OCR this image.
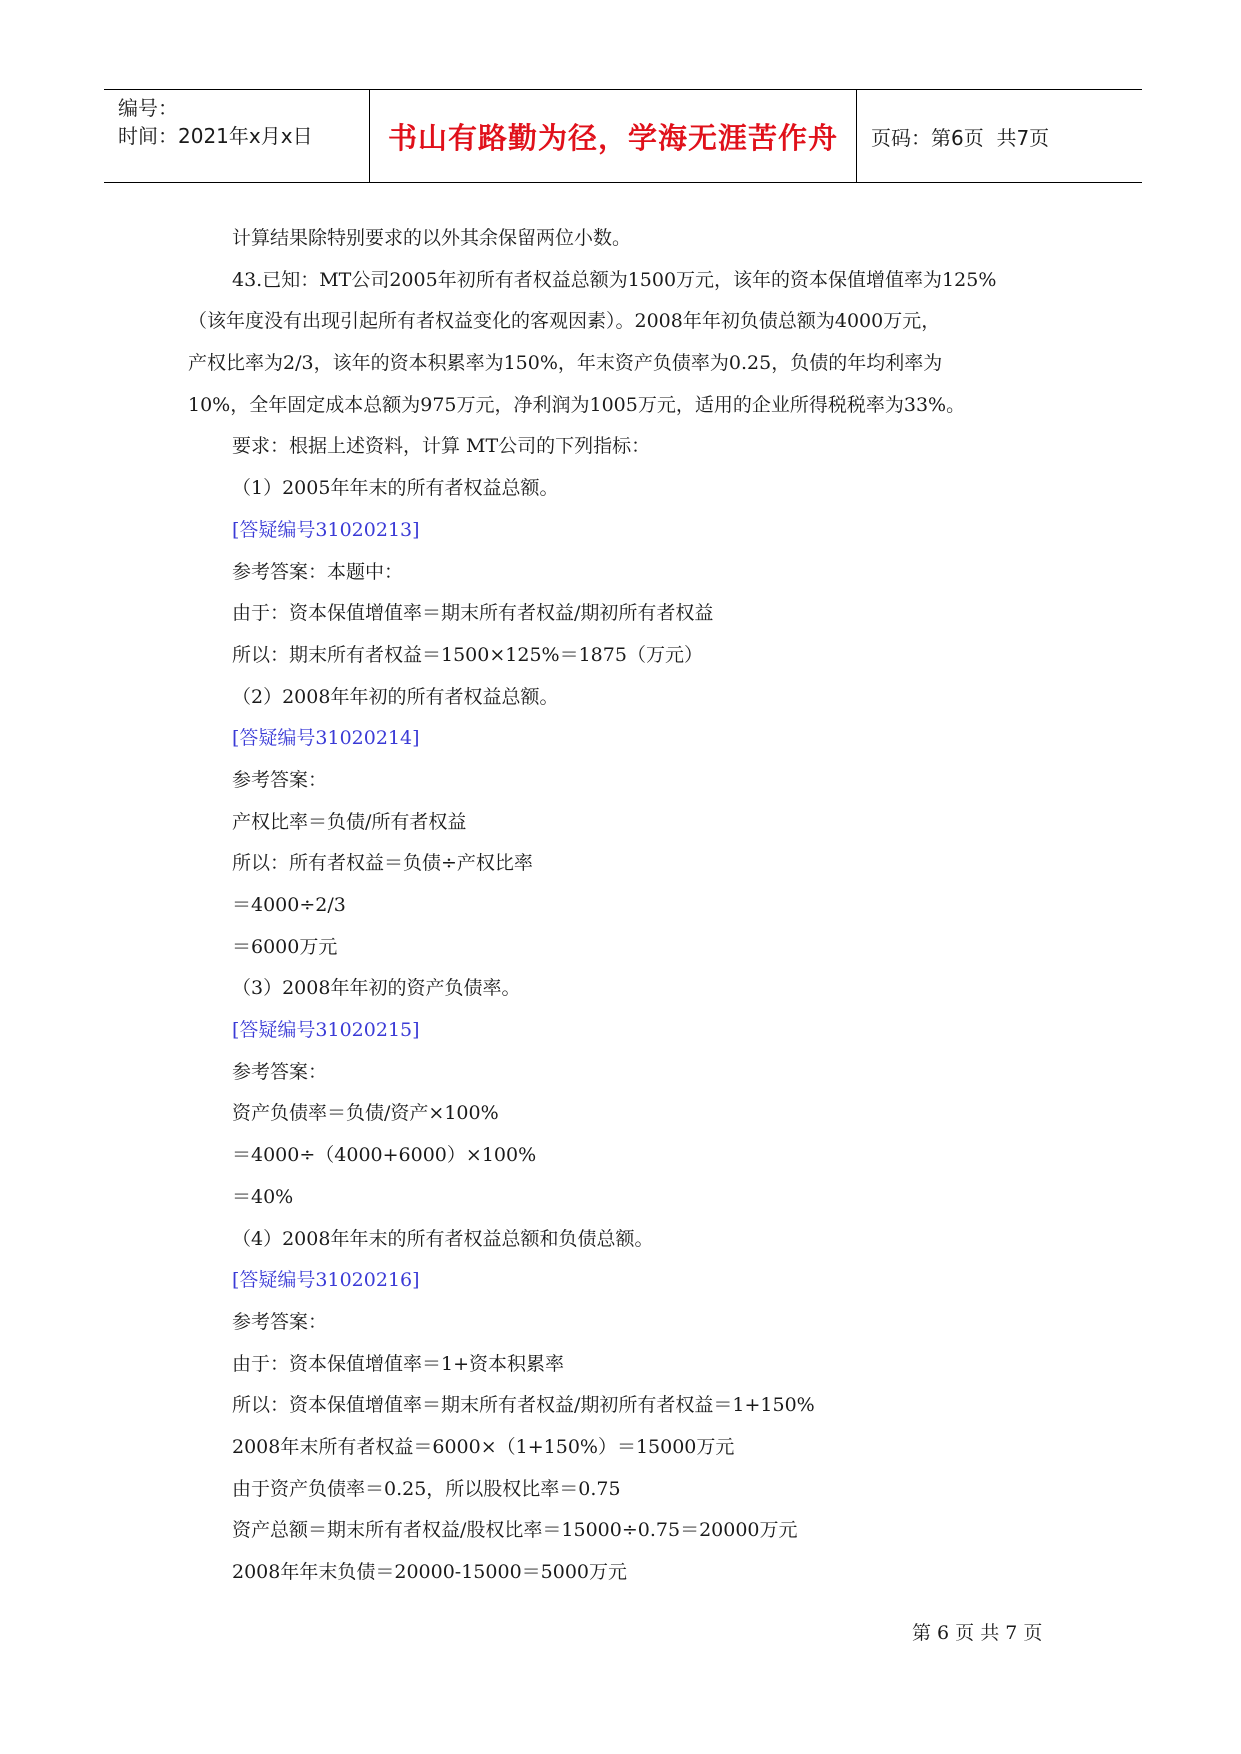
编号：
时间：2021年x月x日	书山有路勤为径，学海无涯苦作舟 页码：第6页  共7页
计算结果除特别要求的以外其余保留两位小数。
43.已知：MT公司2005年初所有者权益总额为1500万元，该年的资本保值增值率为125%
（该年度没有出现引起所有者权益变化的客观因素）。2008年年初负债总额为4000万元，
产权比率为2/3，该年的资本积累率为150%，年末资产负债率为0.25，负债的年均利率为
10%，全年固定成本总额为975万元，净利润为1005万元，适用的企业所得税税率为33%。
要求：根据上述资料，计算 MT公司的下列指标：
（1）2005年年末的所有者权益总额。
[答疑编号31020213]
参考答案：本题中：
由于：资本保值增值率＝期末所有者权益/期初所有者权益
所以：期末所有者权益＝1500×125%＝1875（万元）
（2）2008年年初的所有者权益总额。
[答疑编号31020214]
参考答案：
产权比率＝负债/所有者权益
所以：所有者权益＝负债÷产权比率
＝4000÷2/3
＝6000万元
（3）2008年年初的资产负债率。
[答疑编号31020215]
参考答案：
资产负债率＝负债/资产×100%
＝4000÷（4000+6000）×100%
＝40%
（4）2008年年末的所有者权益总额和负债总额。
[答疑编号31020216]
参考答案：
由于：资本保值增值率＝1+资本积累率
所以：资本保值增值率＝期末所有者权益/期初所有者权益＝1+150%
2008年末所有者权益＝6000×（1+150%）＝15000万元
由于资产负债率＝0.25，所以股权比率＝0.75
资产总额＝期末所有者权益/股权比率＝15000÷0.75＝20000万元
2008年年末负债＝20000-15000＝5000万元
第 6 页 共 7 页
